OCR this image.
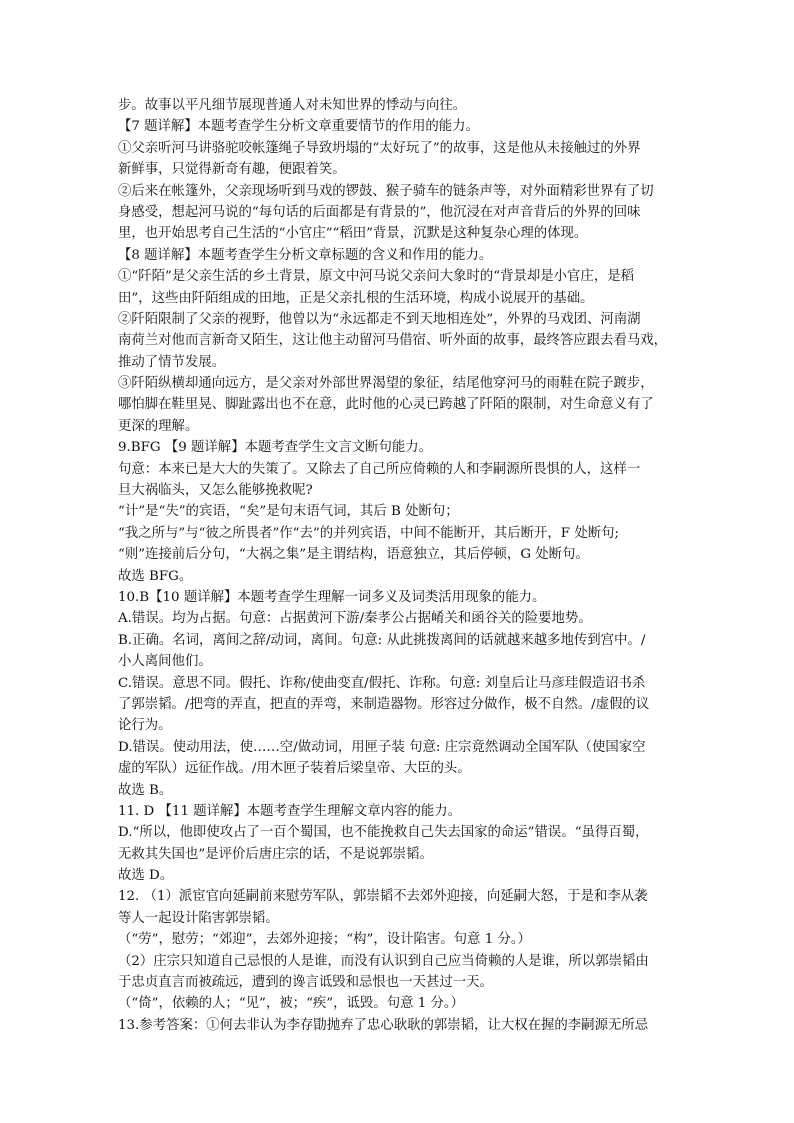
步。故事以平凡细节展现普通人对未知世界的悸动与向往。
【7 题详解】本题考查学生分析文章重要情节的作用的能力。
①父亲听河马讲骆驼咬帐篷绳子导致坍塌的“太好玩了”的故事，这是他从未接触过的外界
新鲜事，只觉得新奇有趣，便跟着笑。
②后来在帐篷外，父亲现场听到马戏的锣鼓、猴子骑车的链条声等，对外面精彩世界有了切
身感受，想起河马说的“每句话的后面都是有背景的”，他沉浸在对声音背后的外界的回味
里，也开始思考自己生活的“小官庄”“稻田”背景，沉默是这种复杂心理的体现。
【8 题详解】本题考查学生分析文章标题的含义和作用的能力。
①“阡陌”是父亲生活的乡土背景，原文中河马说父亲问大象时的“背景却是小官庄，是稻
田”，这些由阡陌组成的田地，正是父亲扎根的生活环境，构成小说展开的基础。
②阡陌限制了父亲的视野，他曾以为“永远都走不到天地相连处”，外界的马戏团、河南湖
南荷兰对他而言新奇又陌生，这让他主动留河马借宿、听外面的故事，最终答应跟去看马戏，
推动了情节发展。
③阡陌纵横却通向远方，是父亲对外部世界渴望的象征，结尾他穿河马的雨鞋在院子踱步，
哪怕脚在鞋里晃、脚趾露出也不在意，此时他的心灵已跨越了阡陌的限制，对生命意义有了
更深的理解。
9.BFG 【9 题详解】本题考查学生文言文断句能力。
句意：本来已是大大的失策了。又除去了自己所应倚赖的人和李嗣源所畏惧的人，这样一
旦大祸临头，又怎么能够挽救呢?
“计”是“失”的宾语，“矣”是句末语气词，其后 B 处断句；
“我之所与”与“彼之所畏者”作“去”的并列宾语，中间不能断开，其后断开，F 处断句;
“则”连接前后分句，“大祸之集”是主谓结构，语意独立，其后停顿，G 处断句。
故选 BFG。
10.B【10 题详解】本题考查学生理解一词多义及词类活用现象的能力。
A.错误。均为占据。句意：占据黄河下游/秦孝公占据崤关和函谷关的险要地势。
B.正确。名词，离间之辞/动词，离间。句意: 从此挑拨离间的话就越来越多地传到宫中。/
小人离间他们。
C.错误。意思不同。假托、诈称/使曲变直/假托、诈称。句意: 刘皇后让马彦珪假造诏书杀
了郭崇韬。/把弯的弄直，把直的弄弯，来制造器物。形容过分做作，极不自然。/虚假的议
论行为。
D.错误。使动用法，使……空/做动词，用匣子装 句意: 庄宗竟然调动全国军队（使国家空
虚的军队）远征作战。/用木匣子装着后梁皇帝、大臣的头。
故选 B。
11. D 【11 题详解】本题考查学生理解文章内容的能力。
D.“所以，他即使攻占了一百个蜀国，也不能挽救自己失去国家的命运”错误。“虽得百蜀，
无救其失国也”是评价后唐庄宗的话，不是说郭崇韬。
故选 D。
12. （1）派宦官向延嗣前来慰劳军队，郭崇韬不去郊外迎接，向延嗣大怒，于是和李从袭
等人一起设计陷害郭崇韬。
（“劳”，慰劳；“郊迎”，去郊外迎接；“构”，设计陷害。句意 1 分。）
（2）庄宗只知道自己忌恨的人是谁，而没有认识到自己应当倚赖的人是谁，所以郭崇韬由
于忠贞直言而被疏远，遭到的谗言诋毁和忌恨也一天甚过一天。
（“倚”，依赖的人；“见”，被；“疾”，诋毁。句意 1 分。）
13.参考答案：①何去非认为李存勖抛弃了忠心耿耿的郭崇韬，让大权在握的李嗣源无所忌
